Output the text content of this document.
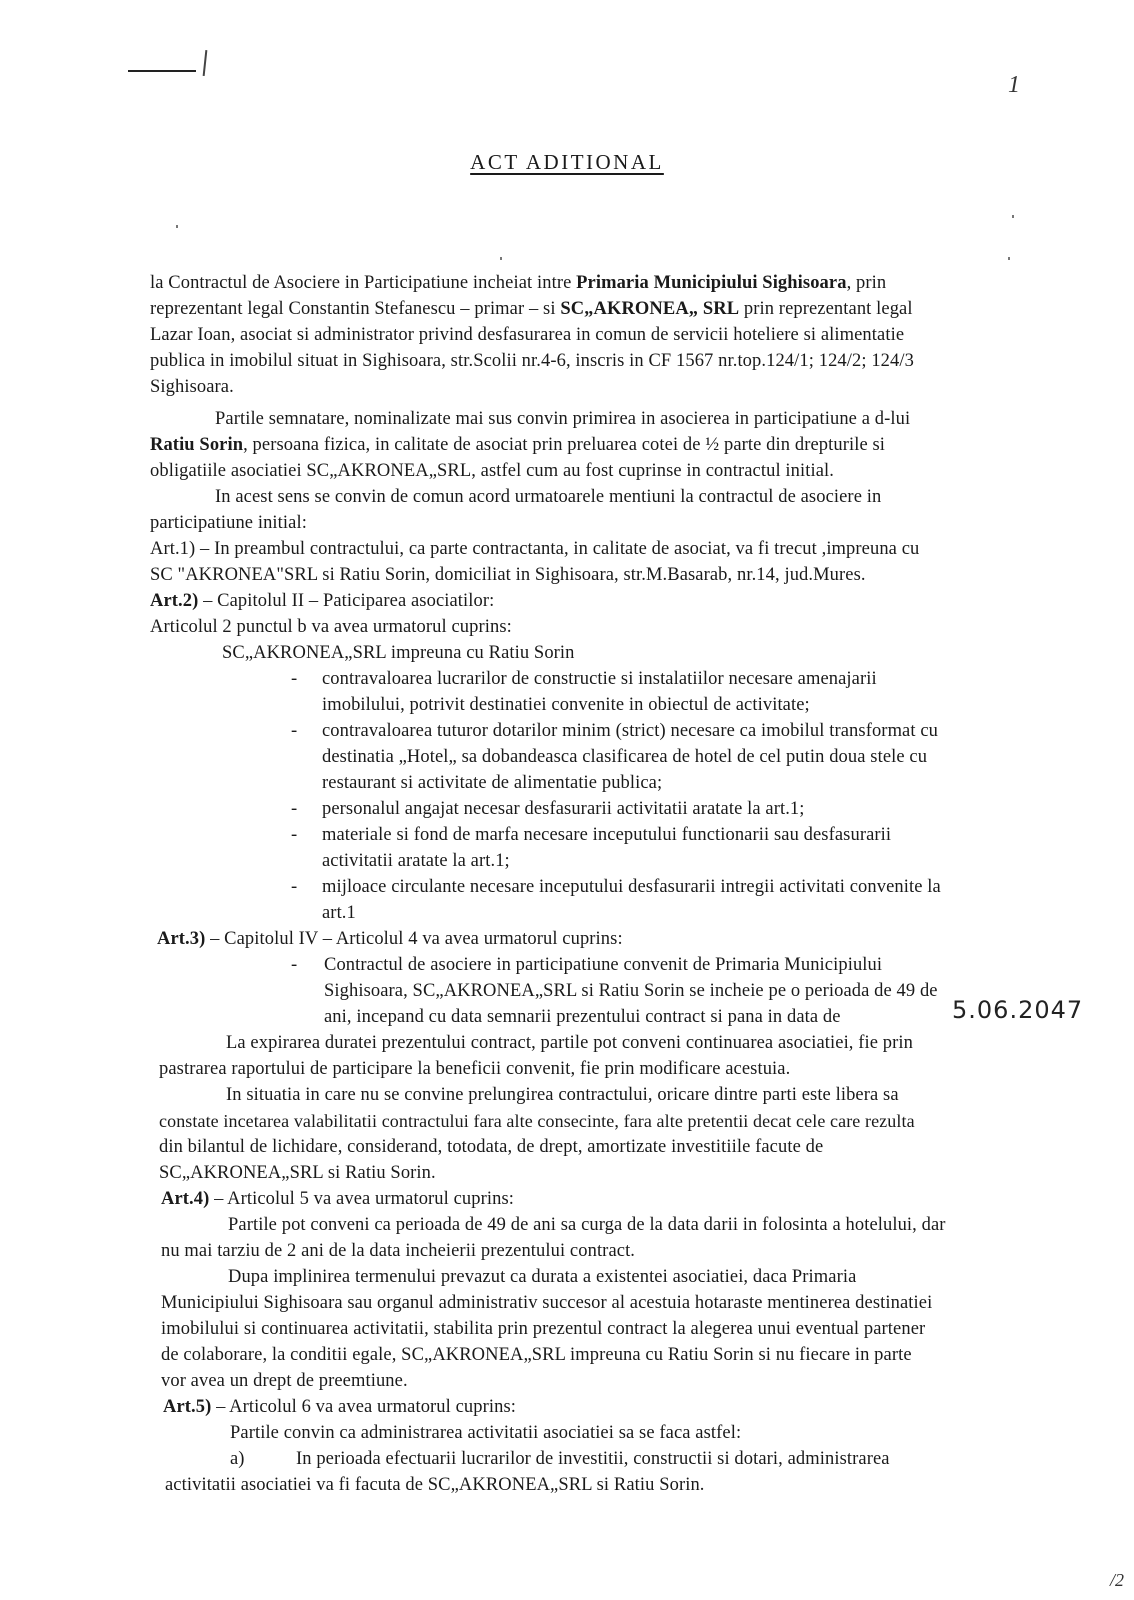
1
ACT ADITIONAL
la Contractul de Asociere in Participatiune incheiat intre Primaria Municipiului Sighisoara, prin
reprezentant legal Constantin Stefanescu – primar – si SC„AKRONEA„ SRL prin reprezentant legal
Lazar Ioan, asociat si administrator privind desfasurarea in comun de servicii hoteliere si alimentatie
publica in imobilul situat in Sighisoara, str.Scolii nr.4-6, inscris in CF 1567 nr.top.124/1; 124/2; 124/3
Sighisoara.
Partile semnatare, nominalizate mai sus convin primirea in asocierea in participatiune a d-lui
Ratiu Sorin, persoana fizica, in calitate de asociat prin preluarea cotei de ½ parte din drepturile si
obligatiile asociatiei SC„AKRONEA„SRL, astfel cum au fost cuprinse in contractul initial.
In acest sens se convin de comun acord urmatoarele mentiuni la contractul de asociere in
participatiune initial:
Art.1) – In preambul contractului, ca parte contractanta, in calitate de asociat, va fi trecut ,impreuna cu
SC "AKRONEA"SRL si Ratiu Sorin, domiciliat in Sighisoara, str.M.Basarab, nr.14, jud.Mures.
Art.2) – Capitolul II – Paticiparea asociatilor:
Articolul 2 punctul b va avea urmatorul cuprins:
SC„AKRONEA„SRL impreuna cu Ratiu Sorin
- contravaloarea lucrarilor de constructie si instalatiilor necesare amenajarii
imobilului, potrivit destinatiei convenite in obiectul de activitate;
- contravaloarea tuturor dotarilor minim (strict) necesare ca imobilul transformat cu
destinatia „Hotel„ sa dobandeasca clasificarea de hotel de cel putin doua stele cu
restaurant si activitate de alimentatie publica;
- personalul angajat necesar desfasurarii activitatii aratate la art.1;
- materiale si fond de marfa necesare inceputului functionarii sau desfasurarii
activitatii aratate la art.1;
- mijloace circulante necesare inceputului desfasurarii intregii activitati convenite la
art.1
Art.3) – Capitolul IV – Articolul 4 va avea urmatorul cuprins:
- Contractul de asociere in participatiune convenit de Primaria Municipiului
Sighisoara, SC„AKRONEA„SRL si Ratiu Sorin se incheie pe o perioada de 49 de
ani, incepand cu data semnarii prezentului contract si pana in data de	5.06.2047
La expirarea duratei prezentului contract, partile pot conveni continuarea asociatiei, fie prin
pastrarea raportului de participare la beneficii convenit, fie prin modificare acestuia.
In situatia in care nu se convine prelungirea contractului, oricare dintre parti este libera sa
constate incetarea valabilitatii contractului fara alte consecinte, fara alte pretentii decat cele care rezulta
din bilantul de lichidare, considerand, totodata, de drept, amortizate investitiile facute de
SC„AKRONEA„SRL si Ratiu Sorin.
Art.4) – Articolul 5 va avea urmatorul cuprins:
Partile pot conveni ca perioada de 49 de ani sa curga de la data darii in folosinta a hotelului, dar
nu mai tarziu de 2 ani de la data incheierii prezentului contract.
Dupa implinirea termenului prevazut ca durata a existentei asociatiei, daca Primaria
Municipiului Sighisoara sau organul administrativ succesor al acestuia hotaraste mentinerea destinatiei
imobilului si continuarea activitatii, stabilita prin prezentul contract la alegerea unui eventual partener
de colaborare, la conditii egale, SC„AKRONEA„SRL impreuna cu Ratiu Sorin si nu fiecare in parte
vor avea un drept de preemtiune.
Art.5) – Articolul 6 va avea urmatorul cuprins:
Partile convin ca administrarea activitatii asociatiei sa se faca astfel:
a)	In perioada efectuarii lucrarilor de investitii, constructii si dotari, administrarea
activitatii asociatiei va fi facuta de SC„AKRONEA„SRL si Ratiu Sorin.
/2
